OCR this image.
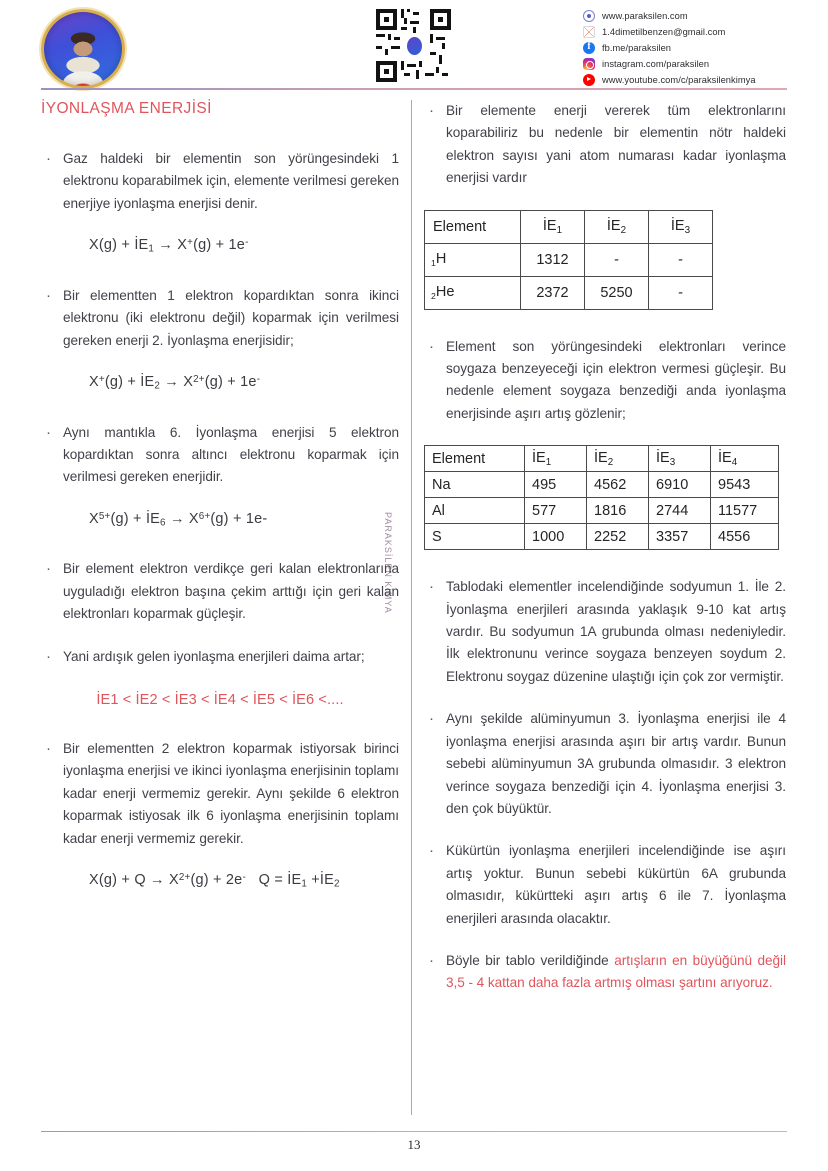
www.paraksilen.com
1.4dimetilbenzen@gmail.com
f
fb.me/paraksilen
instagram.com/paraksilen
www.youtube.com/c/paraksilenkimya
PARAKSİLEN KİMYA
İYONLAŞMA ENERJİSİ
· Gaz haldeki bir elementin son yörüngesindeki 1 elektronu koparabilmek için, elemente verilmesi gereken enerjiye iyonlaşma enerjisi denir.
$X(g) + İE_1 \to X^+(g) + 1e^-$
· Bir elementten 1 elektron kopardıktan sonra ikinci elektronu (iki elektronu değil) koparmak için verilmesi gereken enerji 2. İyonlaşma enerjisidir;
$X^+(g) + İE_2 \to X^{2+}(g) + 1e^-$
· Aynı mantıkla 6. İyonlaşma enerjisi 5 elektron kopardıktan sonra altıncı elektronu koparmak için verilmesi gereken enerjidir.
$X^{5+}(g)$ + $İE_6 \to X^{6+}(g) + 1e-$
· Bir element elektron verdikçe geri kalan elektronlarına uyguladığı elektron başına çekim arttığı için geri kalan elektronları koparmak güçleşir.
· Yani ardışık gelen iyonlaşma enerjileri daima artar;
İE1 < İE2 < İE3 < İE4 < İE5 < İE6 <....
· Bir elementten 2 elektron koparmak istiyorsak birinci iyonlaşma enerjisi ve ikinci iyonlaşma enerjisinin toplamı kadar enerji vermemiz gerekir. Aynı şekilde 6 elektron koparmak istiyosak ilk 6 iyonlaşma enerjisinin toplamı kadar enerji vermemiz gerekir.
$X(g) + Q \to X^{2+}(g) + 2e^-$   $Q = İE_1$ $+İE_2$
· Bir elemente enerji vererek tüm elektronlarını koparabiliriz bu nedenle bir elementin nötr haldeki elektron sayısı yani atom numarası kadar iyonlaşma enerjisi vardır
Element	$İE_1$	$İE_2$	$İE_3$
$_1$H	1312	-	-
$_2$He	2372	5250	-
· Element son yörüngesindeki elektronları verince soygaza benzeyeceği için elektron vermesi güçleşir. Bu nedenle element soygaza benzediği anda iyonlaşma enerjisinde aşırı artış gözlenir;
Element	$İE_1$	$İE_2$	$İE_3$	$İE_4$
Na	495	4562	6910	9543
Al	577	1816	2744	11577
S	1000	2252	3357	4556
· Tablodaki elementler incelendiğinde sodyumun 1. İle 2. İyonlaşma enerjileri arasında yaklaşık 9-10 kat artış vardır. Bu sodyumun 1A grubunda olması nedeniyledir. İlk elektronunu verince soygaza benzeyen soydum 2. Elektronu soygaz düzenine ulaştığı için çok zor vermiştir.
· Aynı şekilde alüminyumun 3. İyonlaşma enerjisi ile 4 iyonlaşma enerjisi arasında aşırı bir artış vardır. Bunun sebebi alüminyumun 3A grubunda olmasıdır. 3 elektron verince soygaza benzediği için 4. İyonlaşma enerjisi 3. den çok büyüktür.
· Kükürtün iyonlaşma enerjileri incelendiğinde ise aşırı artış yoktur. Bunun sebebi kükürtün 6A grubunda olmasıdır, kükürtteki aşırı artış 6 ile 7. İyonlaşma enerjileri arasında olacaktır.
· Böyle bir tablo verildiğinde artışların en büyüğünü değil 3,5 - 4 kattan daha fazla artmış olması şartını arıyoruz.
13
